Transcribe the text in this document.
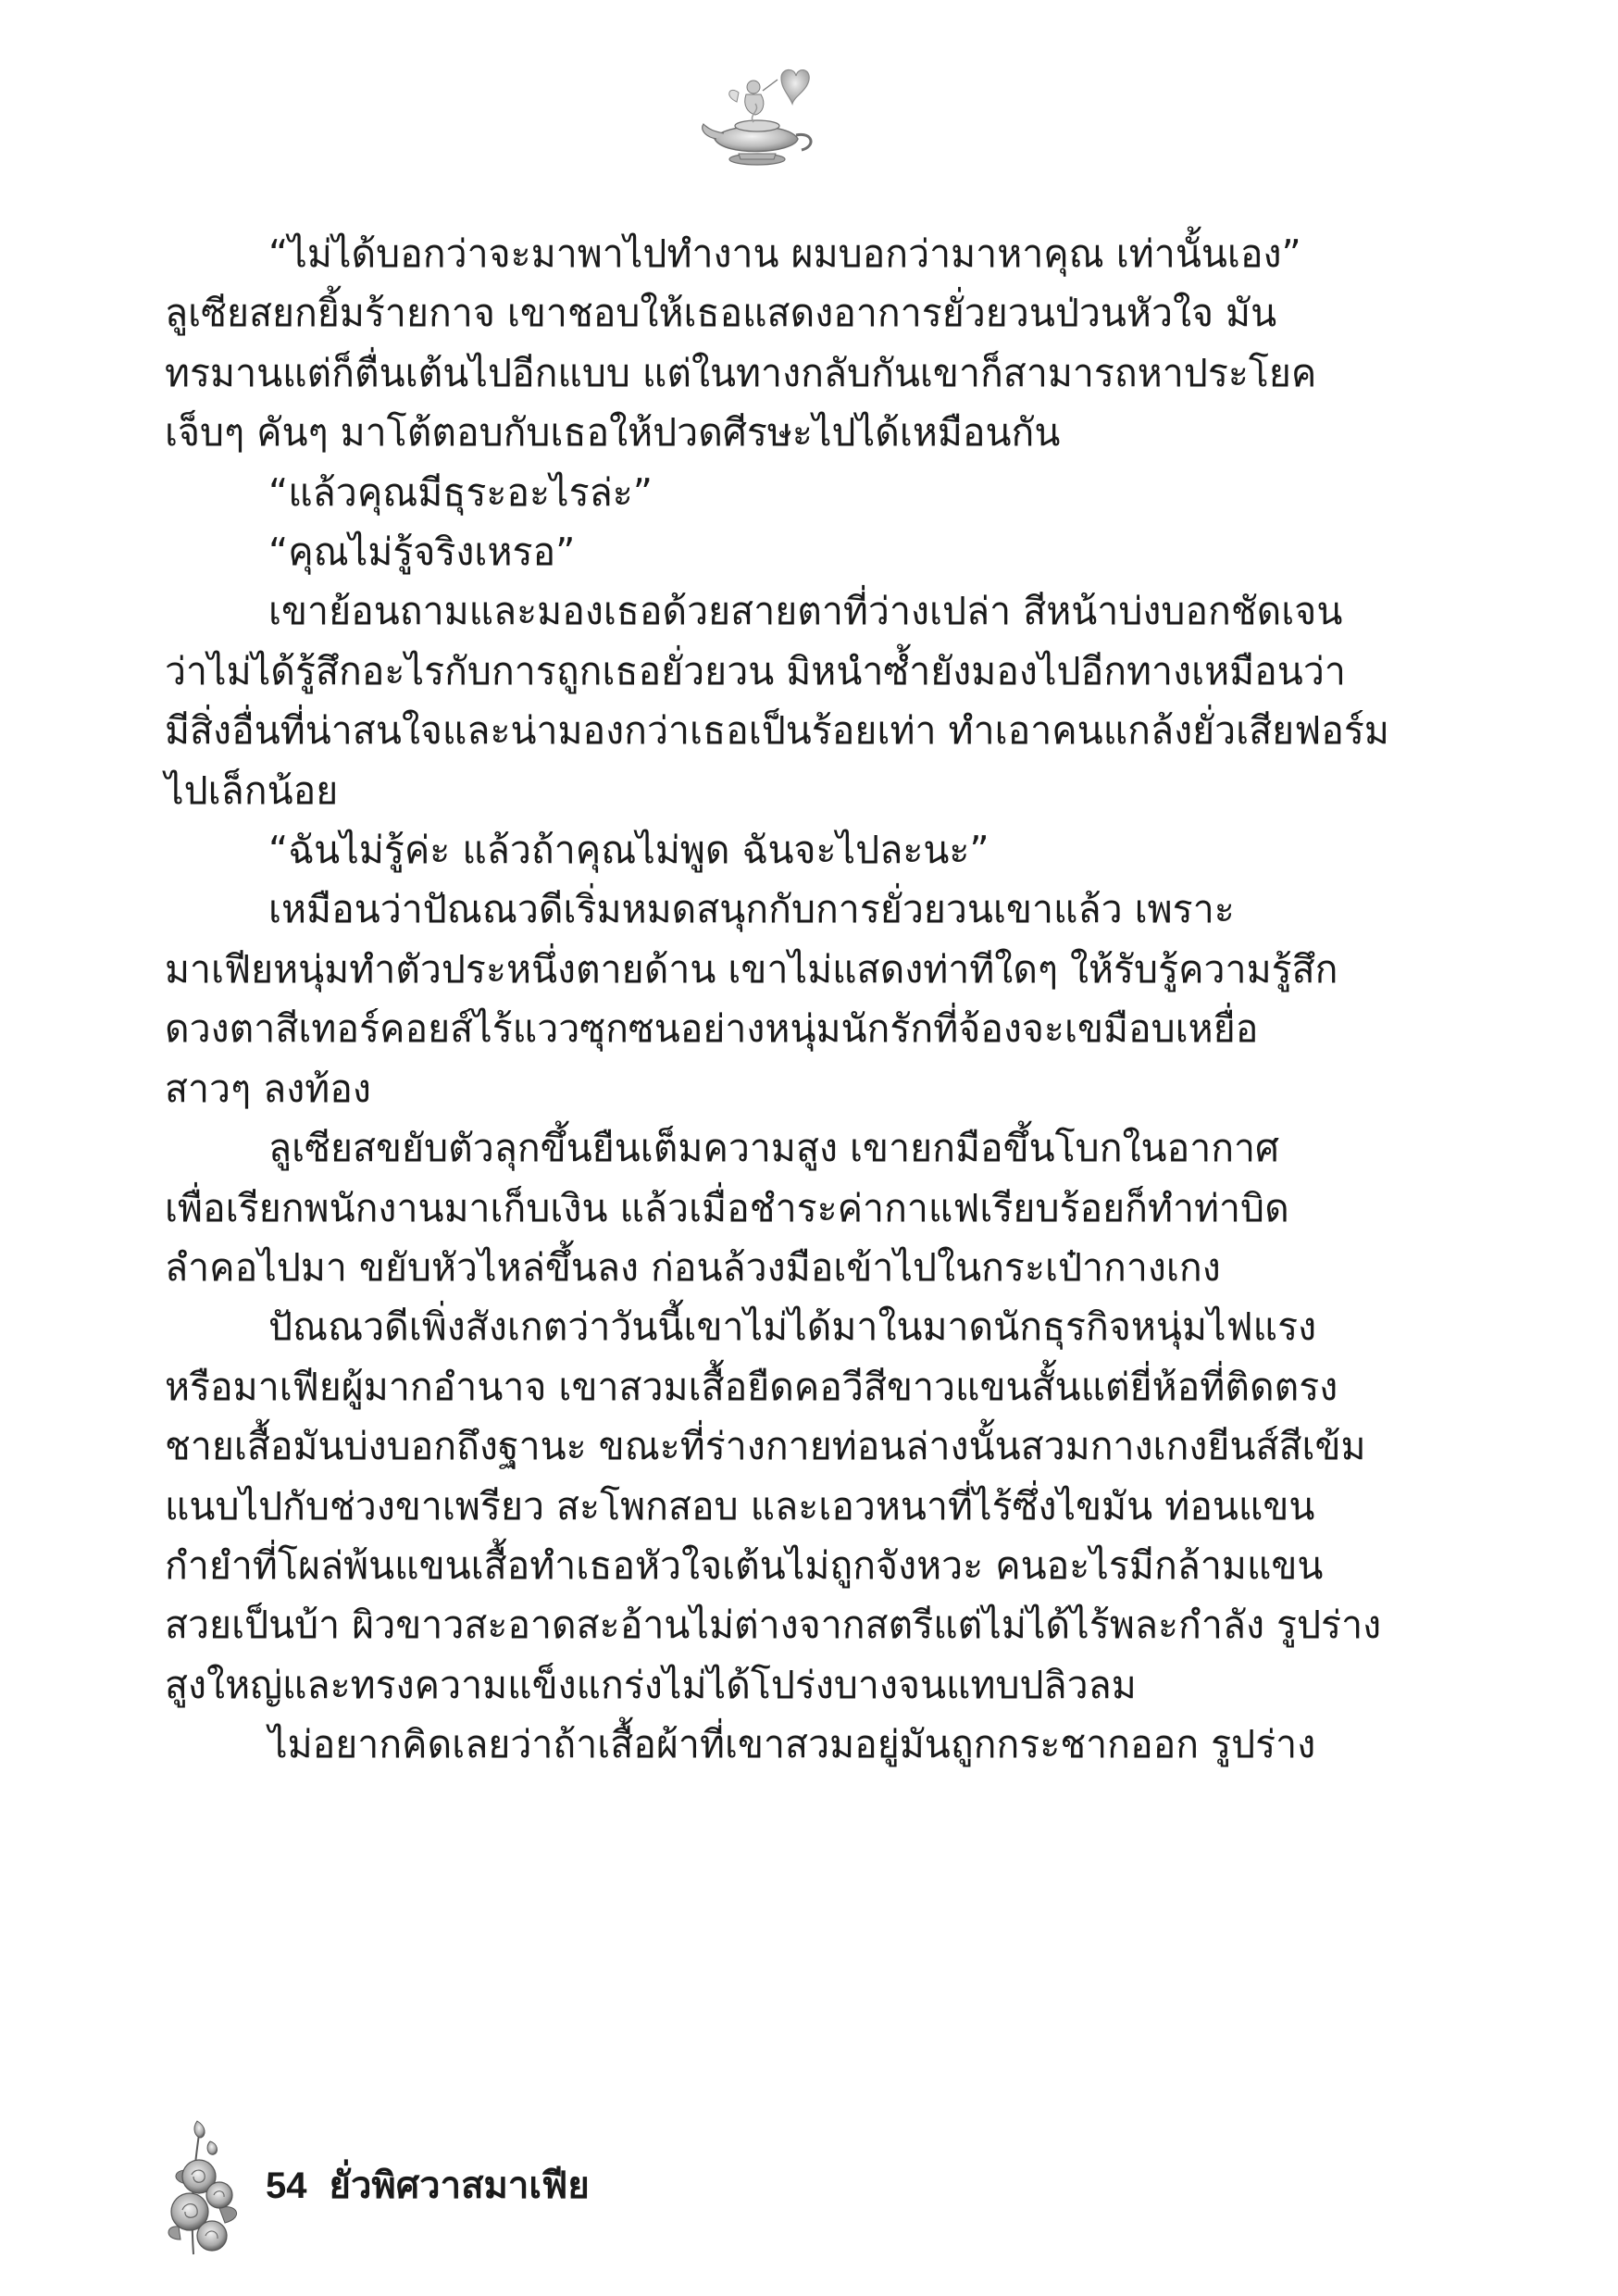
“ไม่ได้บอกว่าจะมาพาไปทำงาน ผมบอกว่ามาหาคุณ เท่านั้นเอง”

ลูเซียสยกยิ้มร้ายกาจ เขาชอบให้เธอแสดงอาการยั่วยวนป่วนหัวใจ มัน

ทรมานแต่ก็ตื่นเต้นไปอีกแบบ แต่ในทางกลับกันเขาก็สามารถหาประโยค

เจ็บๆ คันๆ มาโต้ตอบกับเธอให้ปวดศีรษะไปได้เหมือนกัน

“แล้วคุณมีธุระอะไรล่ะ”

“คุณไม่รู้จริงเหรอ”

เขาย้อนถามและมองเธอด้วยสายตาที่ว่างเปล่า สีหน้าบ่งบอกชัดเจน

ว่าไม่ได้รู้สึกอะไรกับการถูกเธอยั่วยวน มิหนำซ้ำยังมองไปอีกทางเหมือนว่า

มีสิ่งอื่นที่น่าสนใจและน่ามองกว่าเธอเป็นร้อยเท่า ทำเอาคนแกล้งยั่วเสียฟอร์ม

ไปเล็กน้อย

“ฉันไม่รู้ค่ะ แล้วถ้าคุณไม่พูด ฉันจะไปละนะ”

เหมือนว่าปัณณวดีเริ่มหมดสนุกกับการยั่วยวนเขาแล้ว เพราะ

มาเฟียหนุ่มทำตัวประหนึ่งตายด้าน เขาไม่แสดงท่าทีใดๆ ให้รับรู้ความรู้สึก

ดวงตาสีเทอร์คอยส์ไร้แววซุกซนอย่างหนุ่มนักรักที่จ้องจะเขมือบเหยื่อ

สาวๆ ลงท้อง

ลูเซียสขยับตัวลุกขึ้นยืนเต็มความสูง เขายกมือขึ้นโบกในอากาศ

เพื่อเรียกพนักงานมาเก็บเงิน แล้วเมื่อชำระค่ากาแฟเรียบร้อยก็ทำท่าบิด

ลำคอไปมา ขยับหัวไหล่ขึ้นลง ก่อนล้วงมือเข้าไปในกระเป๋ากางเกง

ปัณณวดีเพิ่งสังเกตว่าวันนี้เขาไม่ได้มาในมาดนักธุรกิจหนุ่มไฟแรง

หรือมาเฟียผู้มากอำนาจ เขาสวมเสื้อยืดคอวีสีขาวแขนสั้นแต่ยี่ห้อที่ติดตรง

ชายเสื้อมันบ่งบอกถึงฐานะ ขณะที่ร่างกายท่อนล่างนั้นสวมกางเกงยีนส์สีเข้ม

แนบไปกับช่วงขาเพรียว สะโพกสอบ และเอวหนาที่ไร้ซึ่งไขมัน ท่อนแขน

กำยำที่โผล่พ้นแขนเสื้อทำเธอหัวใจเต้นไม่ถูกจังหวะ คนอะไรมีกล้ามแขน

สวยเป็นบ้า ผิวขาวสะอาดสะอ้านไม่ต่างจากสตรีแต่ไม่ได้ไร้พละกำลัง รูปร่าง

สูงใหญ่และทรงความแข็งแกร่งไม่ได้โปร่งบางจนแทบปลิวลม

ไม่อยากคิดเลยว่าถ้าเสื้อผ้าที่เขาสวมอยู่มันถูกกระชากออก รูปร่าง

54 ยั่วพิศวาสมาเฟีย
